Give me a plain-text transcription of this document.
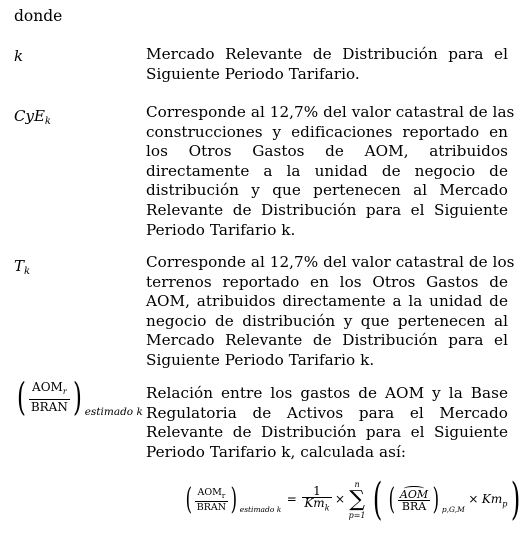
donde
k	Mercado Relevante de Distribución para el
Siguiente Periodo Tarifario.
CyE$_k$
Corresponde al 12,7% del valor catastral de las
construcciones y edificaciones reportado en
los Otros Gastos de AOM, atribuidos
directamente a la unidad de negocio de
distribución y que pertenecen al Mercado
Relevante de Distribución para el Siguiente
Periodo Tarifario k.
$T_k$
Corresponde al 12,7% del valor catastral de los
terrenos reportado en los Otros Gastos de
AOM, atribuidos directamente a la unidad de
negocio de distribución y que pertenecen al
Mercado Relevante de Distribución para el
Siguiente Periodo Tarifario k.
( $\frac{AOM_r}{\text{BRAN}}$ ) $_{estimado k}$
Relación entre los gastos de AOM y la Base
Regulatoria de Activos para el Mercado
Relevante de Distribución para el Siguiente
Periodo Tarifario k, calculada así:
( $\frac{AOM_r}{\text{BRAN}}$ ) $_{estimado k} = \frac{1}{Km_k} \times n$
∑
p=1 ( ( $\frac{\text{AOM}}{\text{BRA}}$ ) $_{p,G,M} \times Km_p$)
